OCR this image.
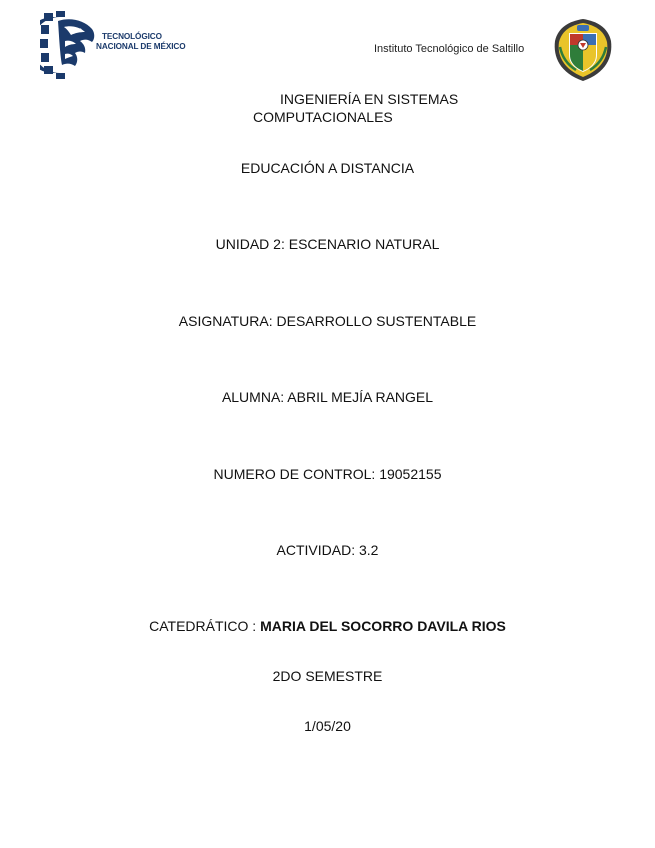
TECNOLÓGICO
NACIONAL DE MÉXICO	Instituto Tecnológico de Saltillo
INGENIERÍA EN SISTEMAS
COMPUTACIONALES
EDUCACIÓN A DISTANCIA
UNIDAD 2: ESCENARIO NATURAL
ASIGNATURA: DESARROLLO SUSTENTABLE
ALUMNA: ABRIL MEJÍA RANGEL
NUMERO DE CONTROL: 19052155
ACTIVIDAD: 3.2
CATEDRÁTICO : MARIA DEL SOCORRO DAVILA RIOS
2DO SEMESTRE
1/05/20
